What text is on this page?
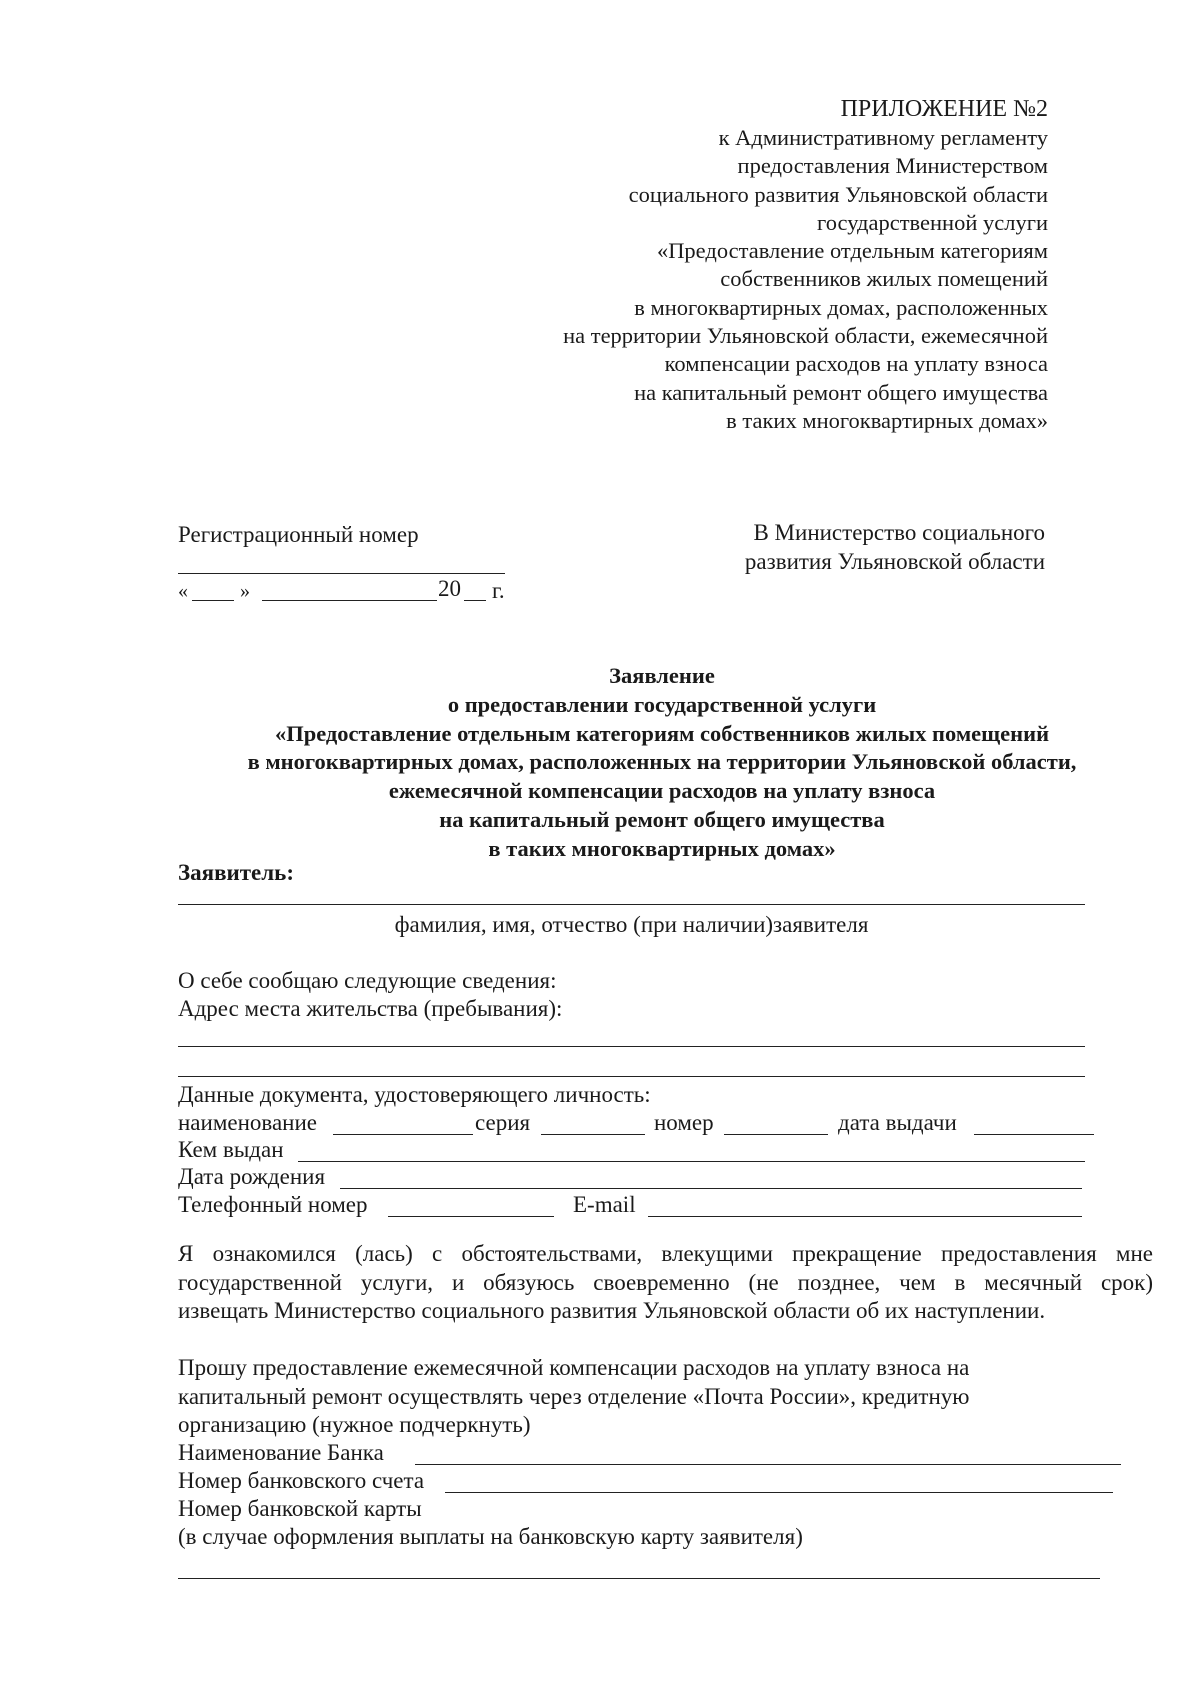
ПРИЛОЖЕНИЕ №2
к Административному регламенту
предоставления Министерством
социального развития Ульяновской области
государственной услуги
«Предоставление отдельным категориям
собственников жилых помещений
в многоквартирных домах, расположенных
на территории Ульяновской области, ежемесячной
компенсации расходов на уплату взноса
на капитальный ремонт общего имущества
в таких многоквартирных домах»
Регистрационный номер
«	»	20 г.
В Министерство социального
развития Ульяновской области
Заявление
о предоставлении государственной услуги
«Предоставление отдельным категориям собственников жилых помещений
в многоквартирных домах, расположенных на территории Ульяновской области,
ежемесячной компенсации расходов на уплату взноса
на капитальный ремонт общего имущества
в таких многоквартирных домах»
Заявитель:
фамилия, имя, отчество (при наличии)заявителя
О себе сообщаю следующие сведения:
Адрес места жительства (пребывания):
Данные документа, удостоверяющего личность:
наименование	серия	номер	дата выдачи
Кем выдан
Дата рождения
Телефонный номер	E-mail
Я ознакомился (лась) с обстоятельствами, влекущими прекращение предоставления мне
государственной услуги, и обязуюсь своевременно (не позднее, чем в месячный срок)
извещать Министерство социального развития Ульяновской области об их наступлении.
Прошу предоставление ежемесячной компенсации расходов на уплату взноса на
капитальный ремонт осуществлять через отделение «Почта России», кредитную
организацию (нужное подчеркнуть)
Наименование Банка
Номер банковского счета
Номер банковской карты
(в случае оформления выплаты на банковскую карту заявителя)
